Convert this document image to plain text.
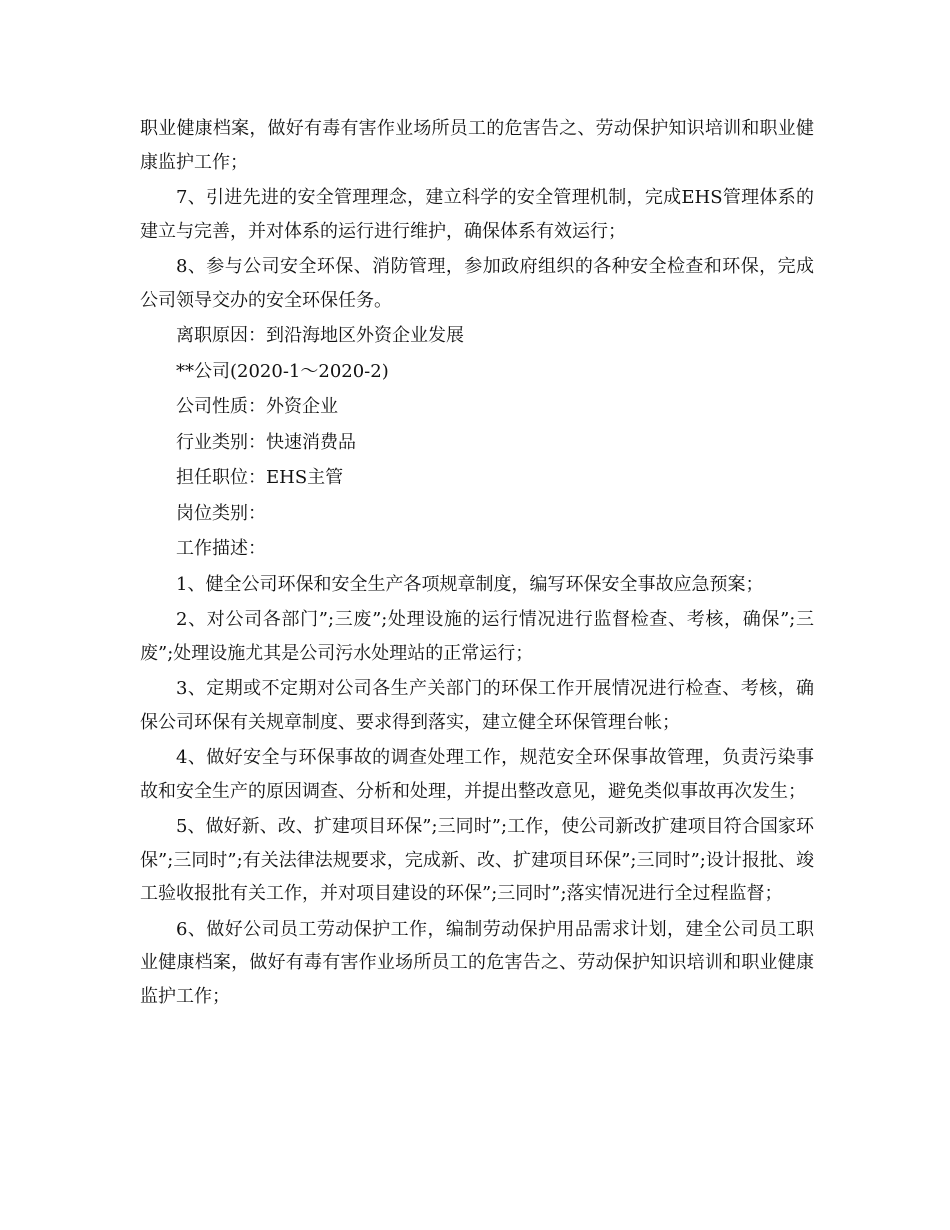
职业健康档案，做好有毒有害作业场所员工的危害告之、劳动保护知识培训和职业健康监护工作；

7、引进先进的安全管理理念，建立科学的安全管理机制，完成EHS管理体系的建立与完善，并对体系的运行进行维护，确保体系有效运行；

8、参与公司安全环保、消防管理，参加政府组织的各种安全检查和环保，完成公司领导交办的安全环保任务。

离职原因：到沿海地区外资企业发展

**公司(2020-1～2020-2)

公司性质：外资企业

行业类别：快速消费品

担任职位：EHS主管

岗位类别：

工作描述：

1、健全公司环保和安全生产各项规章制度，编写环保安全事故应急预案；

2、对公司各部门”;三废”;处理设施的运行情况进行监督检查、考核，确保”;三废”;处理设施尤其是公司污水处理站的正常运行；

3、定期或不定期对公司各生产关部门的环保工作开展情况进行检查、考核，确保公司环保有关规章制度、要求得到落实，建立健全环保管理台帐；

4、做好安全与环保事故的调查处理工作，规范安全环保事故管理，负责污染事故和安全生产的原因调查、分析和处理，并提出整改意见，避免类似事故再次发生；

5、做好新、改、扩建项目环保”;三同时”;工作，使公司新改扩建项目符合国家环保”;三同时”;有关法律法规要求，完成新、改、扩建项目环保”;三同时”;设计报批、竣工验收报批有关工作，并对项目建设的环保”;三同时”;落实情况进行全过程监督；

6、做好公司员工劳动保护工作，编制劳动保护用品需求计划，建全公司员工职业健康档案，做好有毒有害作业场所员工的危害告之、劳动保护知识培训和职业健康监护工作；
